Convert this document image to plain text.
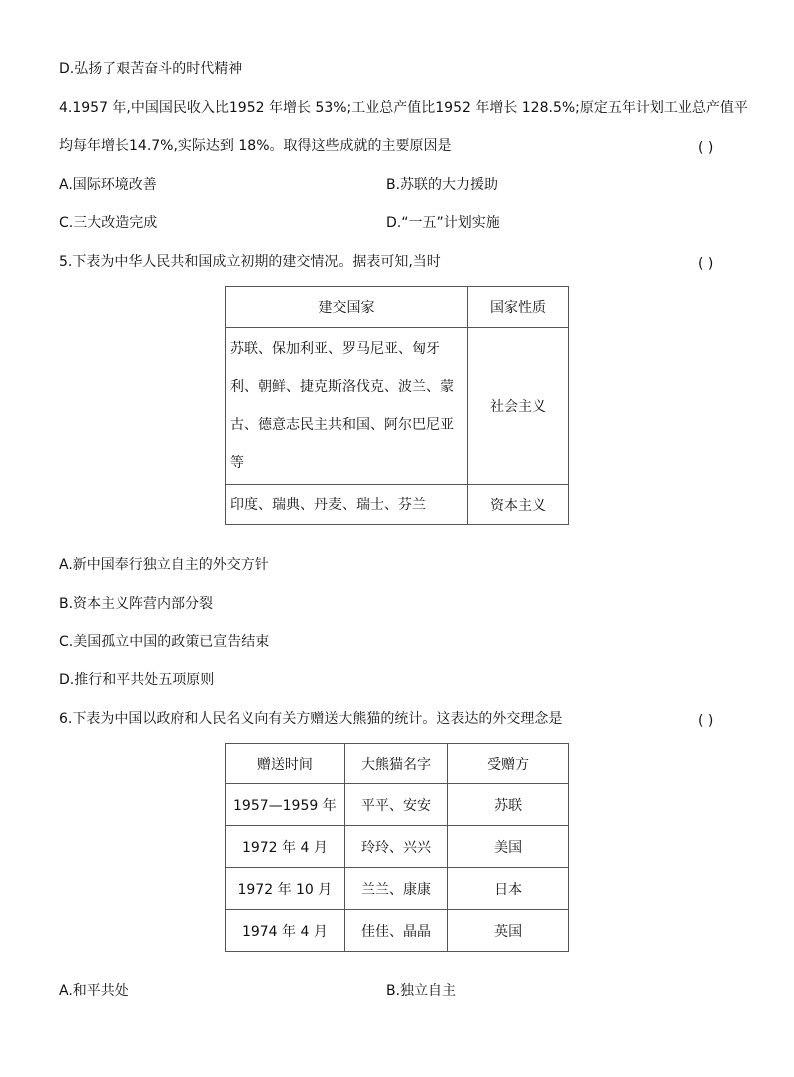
D.弘扬了艰苦奋斗的时代精神
4.1957 年,中国国民收入比1952 年增长 53%;工业总产值比1952 年增长 128.5%;原定五年计划工业总产值平
均每年增长14.7%,实际达到 18%。取得这些成就的主要原因是	( )
A.国际环境改善	B.苏联的大力援助
C.三大改造完成	D.“一五”计划实施
5.下表为中华人民共和国成立初期的建交情况。据表可知,当时	( )
建交国家	国家性质
苏联、保加利亚、罗马尼亚、匈牙利、朝鲜、捷克斯洛伐克、波兰、蒙古、德意志民主共和国、阿尔巴尼亚等	社会主义
印度、瑞典、丹麦、瑞士、芬兰	资本主义
A.新中国奉行独立自主的外交方针
B.资本主义阵营内部分裂
C.美国孤立中国的政策已宣告结束
D.推行和平共处五项原则
6.下表为中国以政府和人民名义向有关方赠送大熊猫的统计。这表达的外交理念是	( )
赠送时间	大熊猫名字	受赠方
1957—1959 年	平平、安安	苏联
1972 年 4 月	玲玲、兴兴	美国
1972 年 10 月	兰兰、康康	日本
1974 年 4 月	佳佳、晶晶	英国
A.和平共处	B.独立自主
